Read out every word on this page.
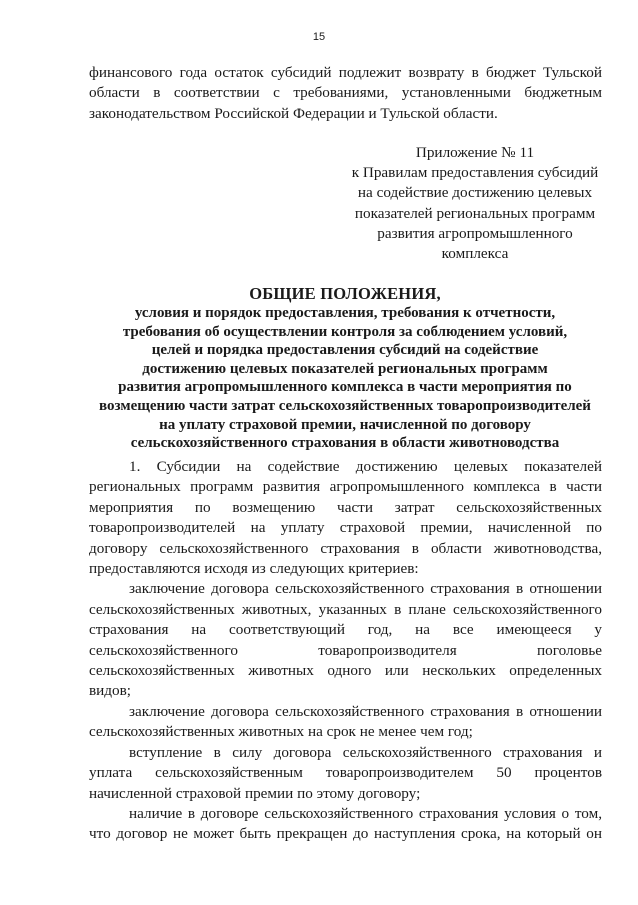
15
финансового года остаток субсидий подлежит возврату в бюджет Тульской
области в соответствии с требованиями, установленными бюджетным
законодательством Российской Федерации и Тульской области.
Приложение № 11
к Правилам предоставления субсидий
на содействие достижению целевых
показателей региональных программ
развития агропромышленного
комплекса
ОБЩИЕ ПОЛОЖЕНИЯ,
условия и порядок предоставления, требования к отчетности,
требования об осуществлении контроля за соблюдением условий,
целей и порядка предоставления субсидий на содействие
достижению целевых показателей региональных программ
развития агропромышленного комплекса в части мероприятия по
возмещению части затрат сельскохозяйственных товаропроизводителей
на уплату страховой премии, начисленной по договору
сельскохозяйственного страхования в области животноводства

1. Субсидии на содействие достижению целевых показателей
региональных программ развития агропромышленного комплекса в части
мероприятия по возмещению части затрат сельскохозяйственных
товаропроизводителей на уплату страховой премии, начисленной по
договору сельскохозяйственного страхования в области животноводства,
предоставляются исходя из следующих критериев:

заключение договора сельскохозяйственного страхования в отношении
сельскохозяйственных животных, указанных в плане сельскохозяйственного
страхования на соответствующий год, на все имеющееся у
сельскохозяйственного товаропроизводителя поголовье
сельскохозяйственных животных одного или нескольких определенных
видов;

заключение договора сельскохозяйственного страхования в отношении
сельскохозяйственных животных на срок не менее чем год;

вступление в силу договора сельскохозяйственного страхования и
уплата сельскохозяйственным товаропроизводителем 50 процентов
начисленной страховой премии по этому договору;

наличие в договоре сельскохозяйственного страхования условия о том,
что договор не может быть прекращен до наступления срока, на который он
